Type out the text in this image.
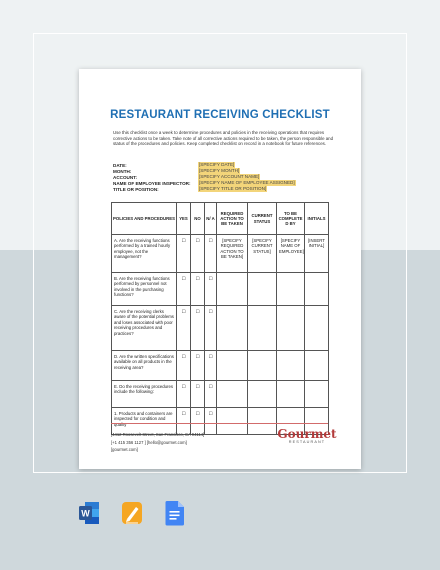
RESTAURANT RECEIVING CHECKLIST
Use this checklist once a week to determine procedures and policies in the receiving operations that requires corrective actions to be taken. Take note of all corrective actions required to be taken, the person responsible and status of the procedures and policies. Keep completed checklist on record in a notebook for future references.
DATE:	[SPECIFY DATE]
MONTH:	[SPECIFY MONTH]
ACCOUNT:	[SPECIFY ACCOUNT NAME]
NAME OF EMPLOYEE INSPECTOR:	[SPECIFY NAME OF EMPLOYEE ASSIGNED]
TITLE OR POSITION:	[SPECIFY TITLE OR POSITION]
POLICIES AND PROCEDURES	YES	NO	N/ A	REQUIRED ACTION TO BE TAKEN	CURRENT STATUS	TO BE COMPLETE D BY	INITIALS
A. Are the receiving functions performed by a trained hourly employee, not the management?	☐	☐	☐	[SPECIFY REQUIRED ACTION TO BE TAKEN]	[SPECIFY CURRENT STATUS]	[SPECIFY NAME OF EMPLOYEE]	[INSERT INITIAL]
B. Are the receiving functions performed by personnel not involved in the purchasing functions?	☐	☐	☐				
C. Are the receiving clerks aware of the potential problems and loses associated with poor receiving procedures and practices?	☐	☐	☐				
D. Are the written specifications available on all products in the receiving area?	☐	☐	☐				
E. Do the receiving procedures include the following:	☐	☐	☐				
1. Products and containers are inspected for condition and quality	☐	☐	☐				
[4412 Roosevelt Street, San Francisco, CA 94114]
[+1 415 356 1127 ] [hello@gourmet.com]
[gourmet.com]
Gourmet
RESTAURANT
W
